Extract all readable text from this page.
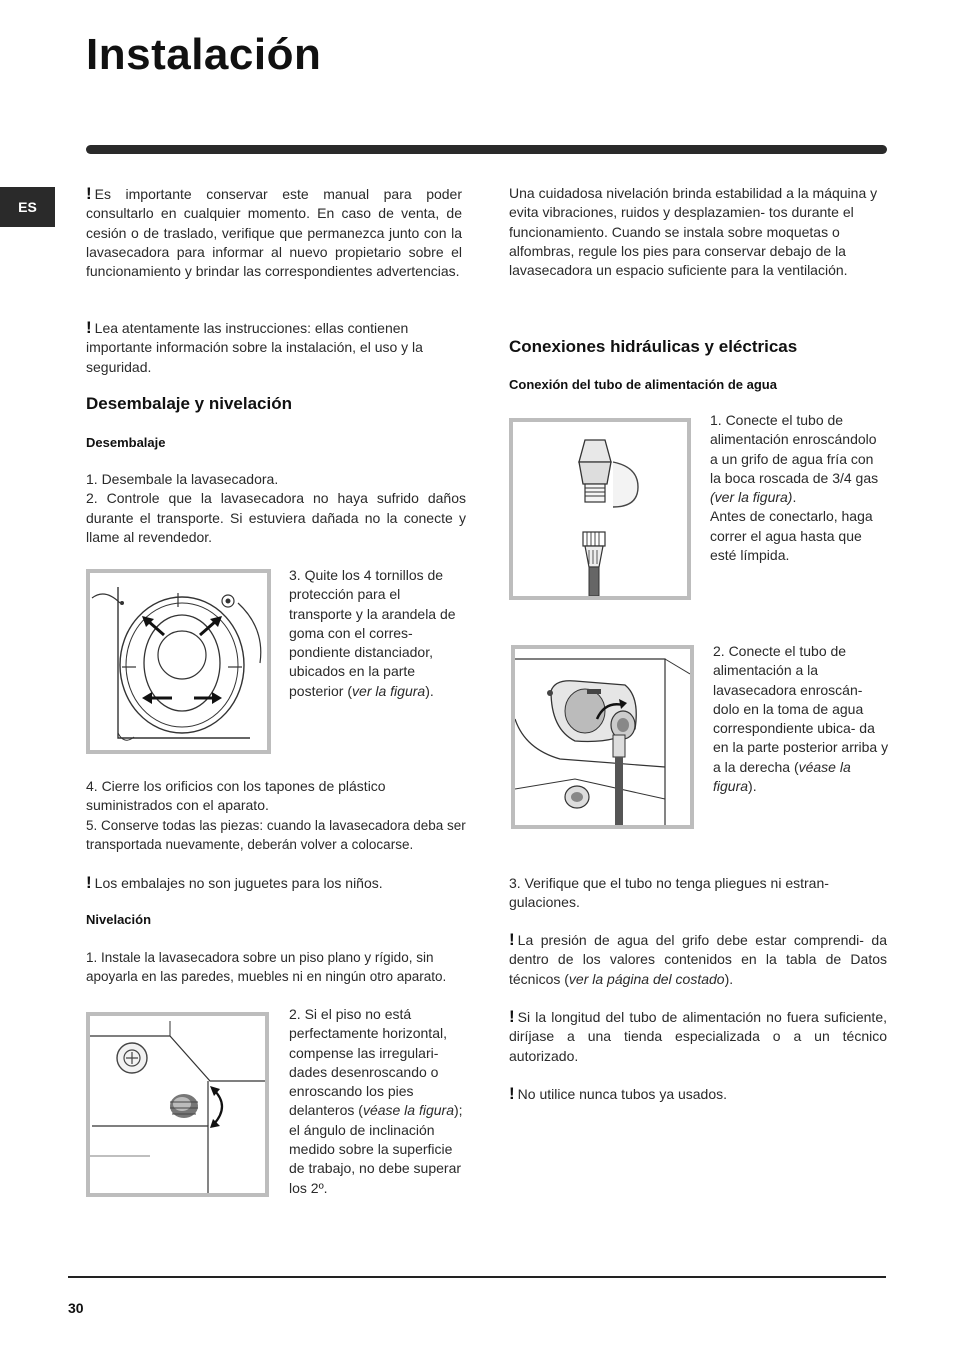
Instalación
ES
! Es importante conservar este manual para poder consultarlo en cualquier momento. En caso de venta, de cesión o de traslado, verifique que permanezca junto con la lavasecadora para informar al nuevo propietario sobre el funcionamiento y brindar las correspondientes advertencias.
! Lea atentamente las instrucciones: ellas contienen importante información sobre la instalación, el uso y la seguridad.
Desembalaje y nivelación
Desembalaje

1. Desembale la lavasecadora.

2. Controle que la lavasecadora no haya sufrido daños durante el transporte. Si estuviera dañada no la conecte y llame al revendedor.

3. Quite los 4 tornillos de protección para el transporte y la arandela de goma con el corres- pondiente distanciador, ubicados en la parte posterior (ver la figura).

4. Cierre los orificios con los tapones de plástico suministrados con el aparato.

5. Conserve todas las piezas: cuando la lavasecadora deba ser transportada nuevamente, deberán volver a colocarse.

! Los embalajes no son juguetes para los niños.
Nivelación
1. Instale la lavasecadora sobre un piso plano y rígido, sin apoyarla en las paredes, muebles ni en ningún otro aparato.
2. Si el piso no está perfectamente horizontal, compense las irregulari- dades desenroscando o enroscando los pies delanteros (véase la figura); el ángulo de inclinación medido sobre la superficie de trabajo, no debe superar los 2º.
Una cuidadosa nivelación brinda estabilidad a la máquina y evita vibraciones, ruidos y desplazamien- tos durante el funcionamiento. Cuando se instala sobre moquetas o alfombras, regule los pies para conservar debajo de la lavasecadora un espacio suficiente para la ventilación.
Conexiones hidráulicas y eléctricas
Conexión del tubo de alimentación de agua
1. Conecte el tubo de alimentación enroscándolo a un grifo de agua fría con la boca roscada de 3/4 gas (ver la figura).
Antes de conectarlo, haga correr el agua hasta que esté límpida.
2. Conecte el tubo de alimentación a la lavasecadora enroscán- dolo en la toma de agua correspondiente ubica- da en la parte posterior arriba y a la derecha (véase la figura).
3. Verifique que el tubo no tenga pliegues ni estran- gulaciones.
! La presión de agua del grifo debe estar comprendi- da dentro de los valores contenidos en la tabla de Datos técnicos (ver la página del costado).
! Si la longitud del tubo de alimentación no fuera suficiente, diríjase a una tienda especializada o a un técnico autorizado.
! No utilice nunca tubos ya usados.
30
